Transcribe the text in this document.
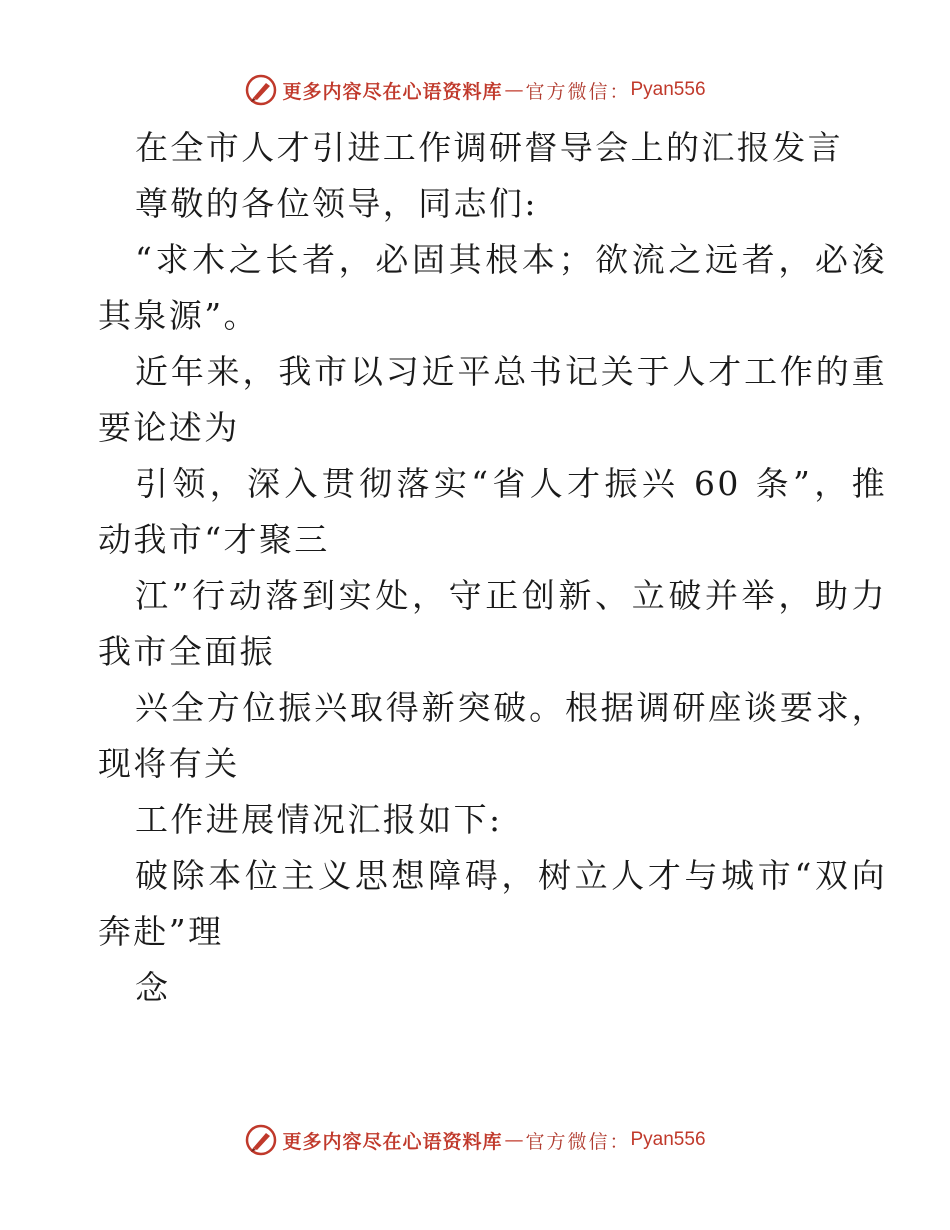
更多内容尽在心语资料库 — 官方微信： Pyan556
在全市人才引进工作调研督导会上的汇报发言
尊敬的各位领导，同志们:
“求木之长者，必固其根本；欲流之远者，必浚
其泉源”。
近年来，我市以习近平总书记关于人才工作的重
要论述为
引领，深入贯彻落实“省人才振兴 60 条”，推
动我市“才聚三
江”行动落到实处，守正创新、立破并举，助力
我市全面振
兴全方位振兴取得新突破。根据调研座谈要求，
现将有关
工作进展情况汇报如下:
破除本位主义思想障碍，树立人才与城市“双向
奔赴”理
念
更多内容尽在心语资料库 — 官方微信： Pyan556
